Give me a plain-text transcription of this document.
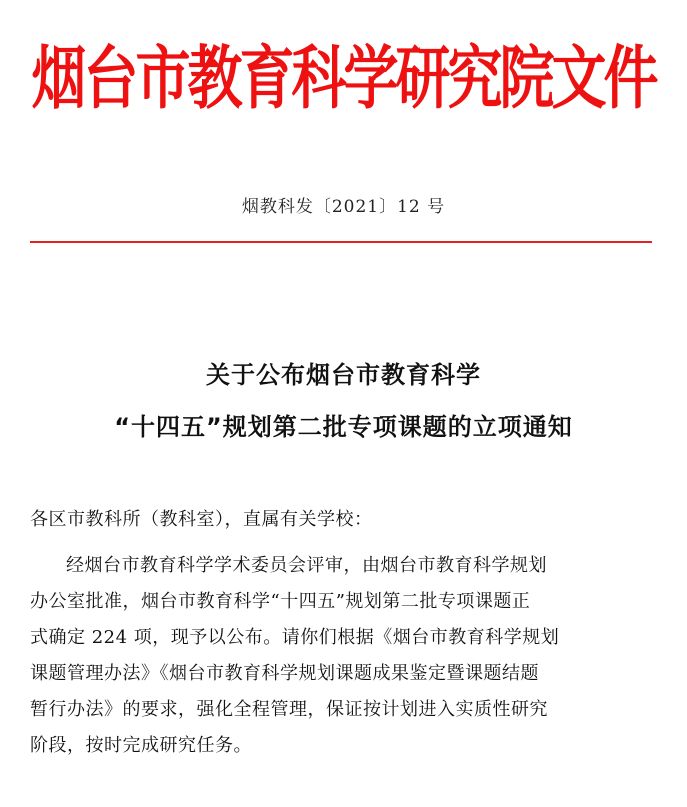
烟台市教育科学研究院文件
烟教科发〔2021〕12 号
关于公布烟台市教育科学
“十四五”规划第二批专项课题的立项通知
各区市教科所（教科室），直属有关学校：
经烟台市教育科学学术委员会评审，由烟台市教育科学规划
办公室批准，烟台市教育科学“十四五”规划第二批专项课题正
式确定 224 项，现予以公布。请你们根据《烟台市教育科学规划
课题管理办法》《烟台市教育科学规划课题成果鉴定暨课题结题
暂行办法》的要求，强化全程管理，保证按计划进入实质性研究
阶段，按时完成研究任务。
